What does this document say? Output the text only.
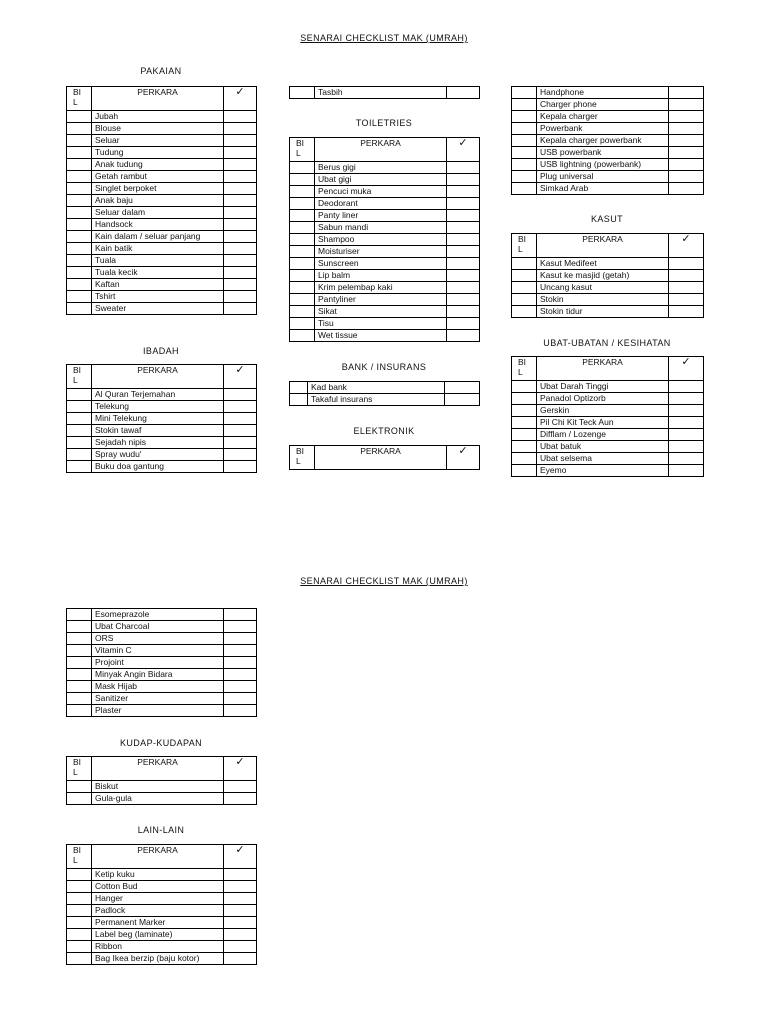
SENARAI CHECKLIST MAK (UMRAH)
PAKAIAN
BI L	PERKARA	✓
	Jubah	
	Blouse	
	Seluar	
	Tudung	
	Anak tudung	
	Getah rambut	
	Singlet berpoket	
	Anak baju	
	Seluar dalam	
	Handsock	
	Kain dalam / seluar panjang	
	Kain batik	
	Tuala	
	Tuala kecik	
	Kaftan	
	Tshirt	
	Sweater	
IBADAH
BI L	PERKARA	✓
	Al Quran Terjemahan	
	Telekung	
	Mini Telekung	
	Stokin tawaf	
	Sejadah nipis	
	Spray wudu'	
	Buku doa gantung	
	Tasbih	
TOILETRIES
BI L	PERKARA	✓
	Berus gigi	
	Ubat gigi	
	Pencuci muka	
	Deodorant	
	Panty liner	
	Sabun mandi	
	Shampoo	
	Moisturiser	
	Sunscreen	
	Lip balm	
	Krim pelembap kaki	
	Pantyliner	
	Sikat	
	Tisu	
	Wet tissue	
BANK / INSURANS
	Kad bank	
	Takaful insurans	
ELEKTRONIK
BI L	PERKARA	✓
	Handphone	
	Charger phone	
	Kepala charger	
	Powerbank	
	Kepala charger powerbank	
	USB powerbank	
	USB lightning (powerbank)	
	Plug universal	
	Simkad Arab	
KASUT
BI L	PERKARA	✓
	Kasut Medifeet	
	Kasut ke masjid (getah)	
	Uncang kasut	
	Stokin	
	Stokin tidur	
UBAT-UBATAN / KESIHATAN
BI L	PERKARA	✓
	Ubat Darah Tinggi	
	Panadol Optizorb	
	Gerskin	
	Pil Chi Kit Teck Aun	
	Difflam / Lozenge	
	Ubat batuk	
	Ubat selsema	
	Eyemo	
SENARAI CHECKLIST MAK (UMRAH)
	Esomeprazole	
	Ubat Charcoal	
	ORS	
	Vitamin C	
	Projoint	
	Minyak Angin Bidara	
	Mask Hijab	
	Sanitizer	
	Plaster	
KUDAP-KUDAPAN
BI L	PERKARA	✓
	Biskut	
	Gula-gula	
LAIN-LAIN
BI L	PERKARA	✓
	Ketip kuku	
	Cotton Bud	
	Hanger	
	Padlock	
	Permanent Marker	
	Label beg (laminate)	
	Ribbon	
	Bag Ikea berzip (baju kotor)	
